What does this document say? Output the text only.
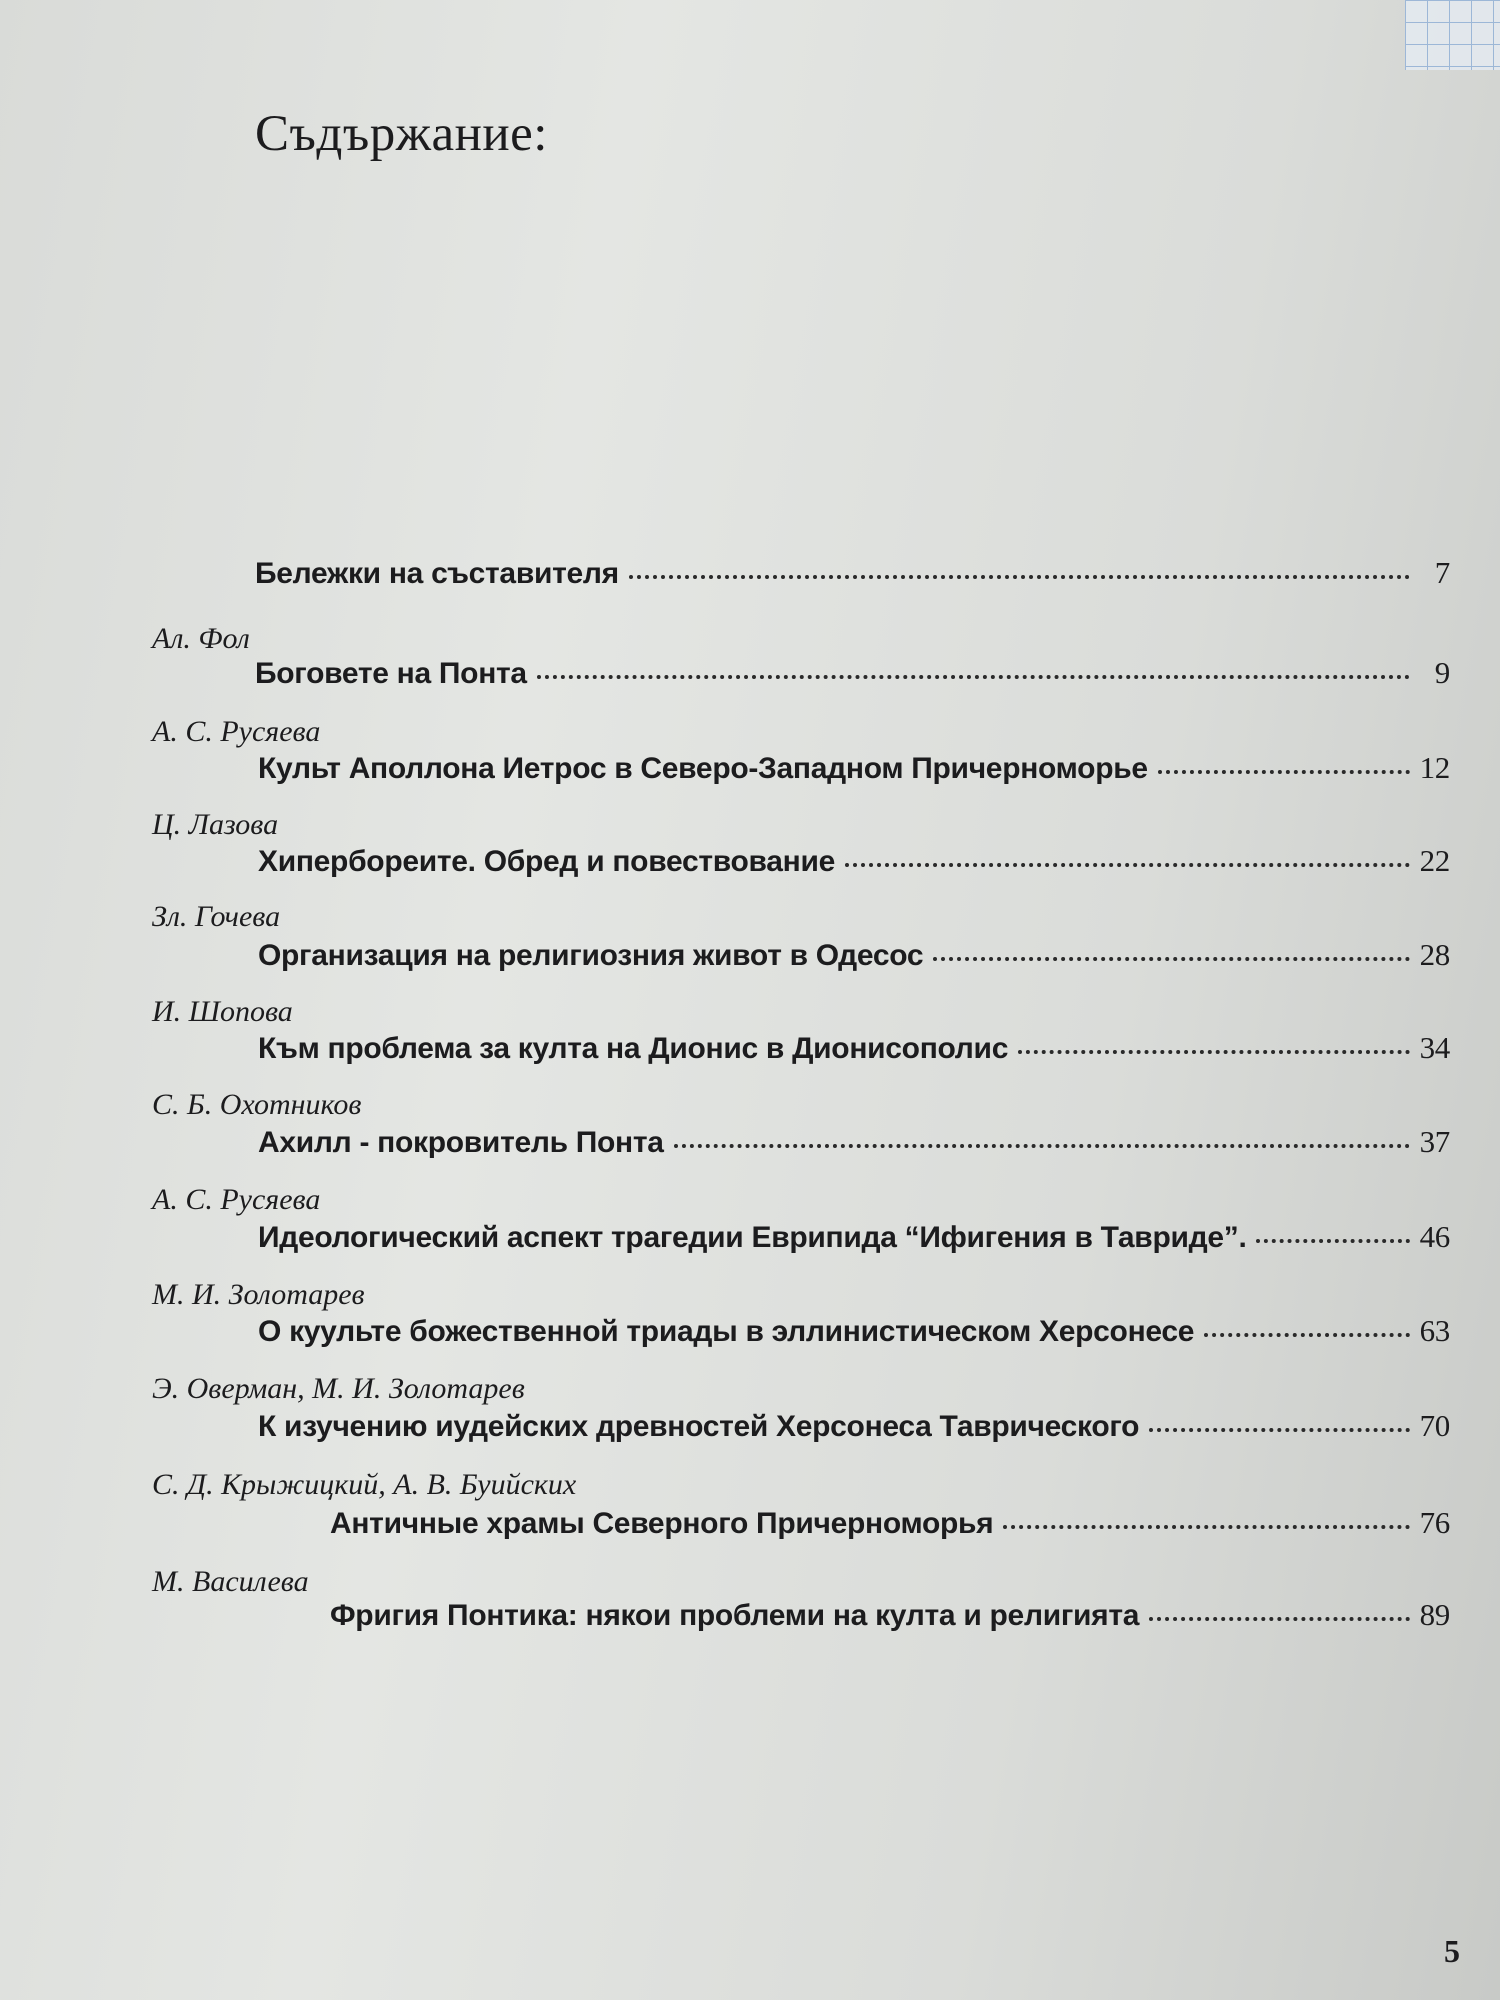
Съдържание:
Бележки на съставителя	7
Ал. Фол
Боговете на Понта	9
А. С. Русяева
Культ Аполлона Иетрос в Северо-Западном Причерноморье	12
Ц. Лазова
Хипербореите. Обред и повествование	22
Зл. Гочева
Организация на религиозния живот в Одесос	28
И. Шопова
Към проблема за култа на Дионис в Дионисополис	34
С. Б. Охотников
Ахилл - покровитель Понта	37
А. С. Русяева
Идеологический аспект трагедии Еврипида “Ифигения в Тавриде”.	46
М. И. Золотарев
О куульте божественной триады в эллинистическом Херсонесе	63
Э. Оверман, М. И. Золотарев
К изучению иудейских древностей Херсонеса Таврического	70
С. Д. Крыжицкий, А. В. Буийских
Античные храмы Северного Причерноморья	76
М. Василева
Фригия Понтика: някои проблеми на култа и религията	89
5
